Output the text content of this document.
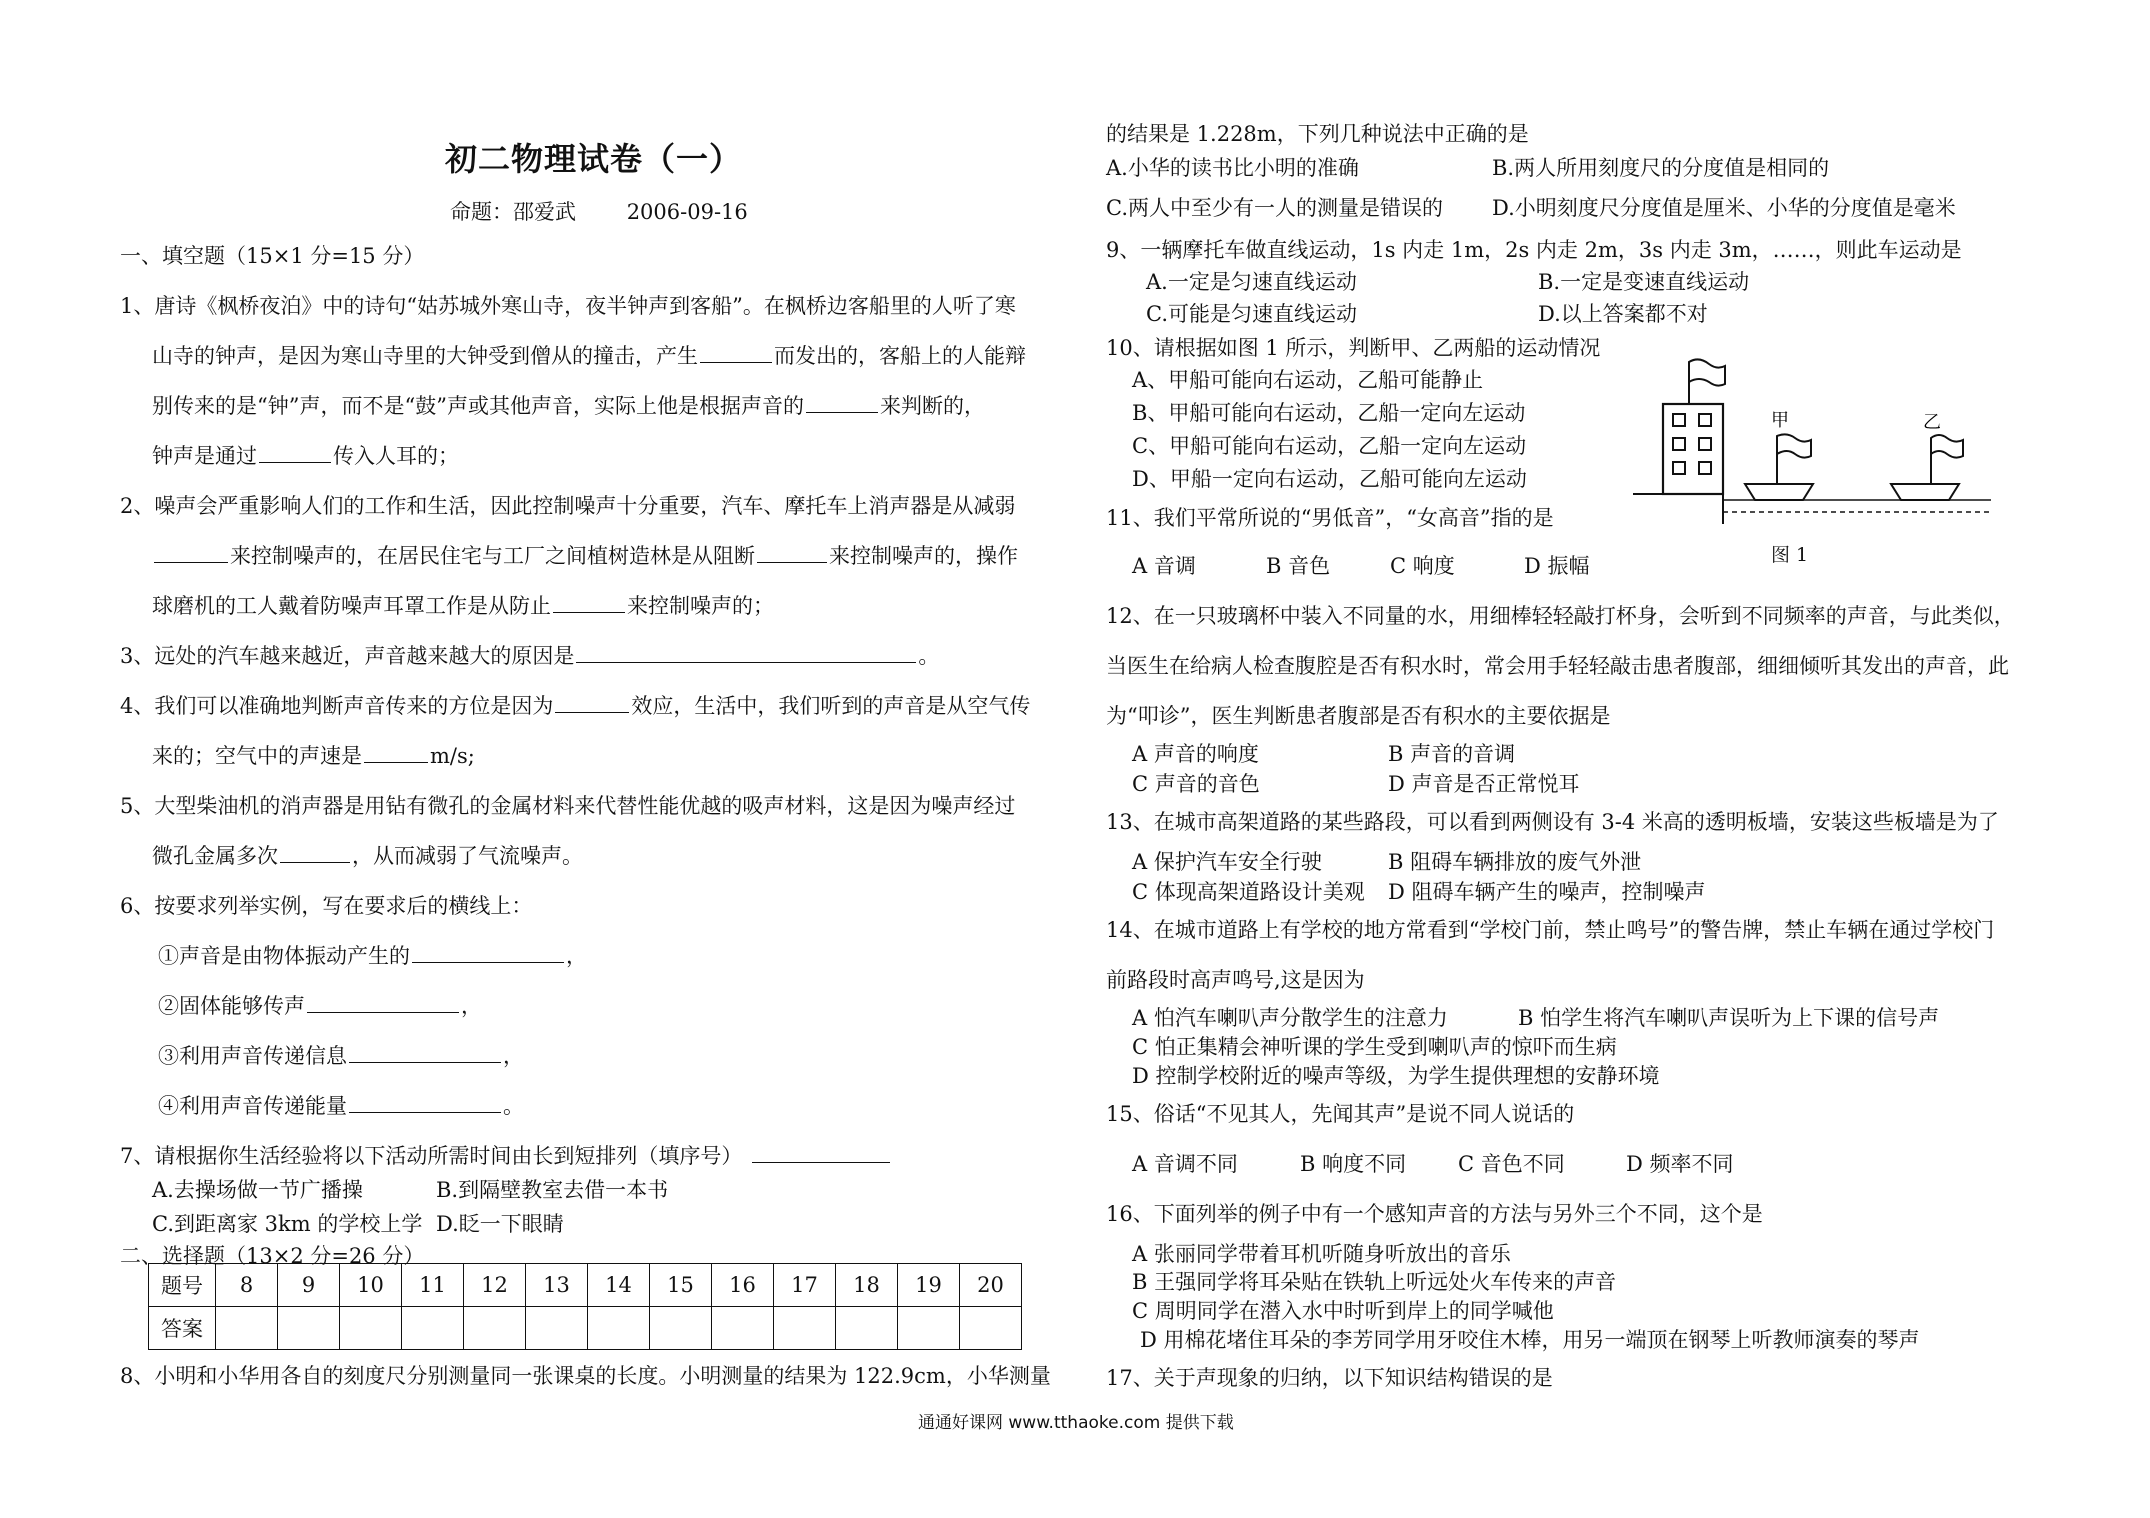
初二物理试卷（一）
命题：邵爱武 2006-09-16
一、填空题（15×1 分=15 分）
1、唐诗《枫桥夜泊》中的诗句“姑苏城外寒山寺，夜半钟声到客船”。在枫桥边客船里的人听了寒
山寺的钟声，是因为寒山寺里的大钟受到僧从的撞击，产生	而发出的，客船上的人能辩
别传来的是“钟”声，而不是“鼓”声或其他声音，实际上他是根据声音的	来判断的，
钟声是通过	传入人耳的；
2、噪声会严重影响人们的工作和生活，因此控制噪声十分重要，汽车、摩托车上消声器是从减弱
来控制噪声的，在居民住宅与工厂之间植树造林是从阻断	来控制噪声的，操作
球磨机的工人戴着防噪声耳罩工作是从防止	来控制噪声的；
3、远处的汽车越来越近，声音越来越大的原因是	。
4、我们可以准确地判断声音传来的方位是因为	效应，生活中，我们听到的声音是从空气传
来的；空气中的声速是	m/s;
5、大型柴油机的消声器是用钻有微孔的金属材料来代替性能优越的吸声材料，这是因为噪声经过
微孔金属多次	，从而减弱了气流噪声。
6、按要求列举实例，写在要求后的横线上：
①声音是由物体振动产生的	，
②固体能够传声	，
③利用声音传递信息	，
④利用声音传递能量	。
7、请根据你生活经验将以下活动所需时间由长到短排列（填序号）
A.去操场做一节广播操	B.到隔壁教室去借一本书
C.到距离家 3km 的学校上学 D.眨一下眼睛
二、选择题（13×2 分=26 分）
题号	8	9	10	11	12	13	14	15	16	17	18	19	20
答案													
8、小明和小华用各自的刻度尺分别测量同一张课桌的长度。小明测量的结果为 122.9cm，小华测量
的结果是 1.228m，下列几种说法中正确的是
A.小华的读书比小明的准确	B.两人所用刻度尺的分度值是相同的
C.两人中至少有一人的测量是错误的 D.小明刻度尺分度值是厘米、小华的分度值是毫米
9、一辆摩托车做直线运动，1s 内走 1m，2s 内走 2m，3s 内走 3m，……，则此车运动是
A.一定是匀速直线运动	B.一定是变速直线运动
C.可能是匀速直线运动	D.以上答案都不对
10、请根据如图 1 所示，判断甲、乙两船的运动情况
A、甲船可能向右运动，乙船可能静止
B、甲船可能向右运动，乙船一定向左运动
C、甲船可能向右运动，乙船一定向左运动
D、甲船一定向右运动，乙船可能向左运动
甲	乙
图 1
11、我们平常所说的“男低音”，“女高音”指的是
A 音调	B 音色	C 响度	D 振幅
12、在一只玻璃杯中装入不同量的水，用细棒轻轻敲打杯身，会听到不同频率的声音，与此类似，
当医生在给病人检查腹腔是否有积水时，常会用手轻轻敲击患者腹部，细细倾听其发出的声音，此
为“叩诊”，医生判断患者腹部是否有积水的主要依据是
A 声音的响度	B 声音的音调
C 声音的音色	D 声音是否正常悦耳
13、在城市高架道路的某些路段，可以看到两侧设有 3-4 米高的透明板墙，安装这些板墙是为了
A 保护汽车安全行驶	B 阻碍车辆排放的废气外泄
C 体现高架道路设计美观 D 阻碍车辆产生的噪声，控制噪声
14、在城市道路上有学校的地方常看到“学校门前，禁止鸣号”的警告牌，禁止车辆在通过学校门
前路段时高声鸣号,这是因为
A 怕汽车喇叭声分散学生的注意力	B 怕学生将汽车喇叭声误听为上下课的信号声
C 怕正集精会神听课的学生受到喇叭声的惊吓而生病
D 控制学校附近的噪声等级，为学生提供理想的安静环境
15、俗话“不见其人，先闻其声”是说不同人说话的
A 音调不同	B 响度不同 C 音色不同	D 频率不同
16、下面列举的例子中有一个感知声音的方法与另外三个不同，这个是
A 张丽同学带着耳机听随身听放出的音乐
B 王强同学将耳朵贴在铁轨上听远处火车传来的声音
C 周明同学在潜入水中时听到岸上的同学喊他
D 用棉花堵住耳朵的李芳同学用牙咬住木棒，用另一端顶在钢琴上听教师演奏的琴声
17、关于声现象的归纳，以下知识结构错误的是
通通好课网 www.tthaoke.com 提供下载
